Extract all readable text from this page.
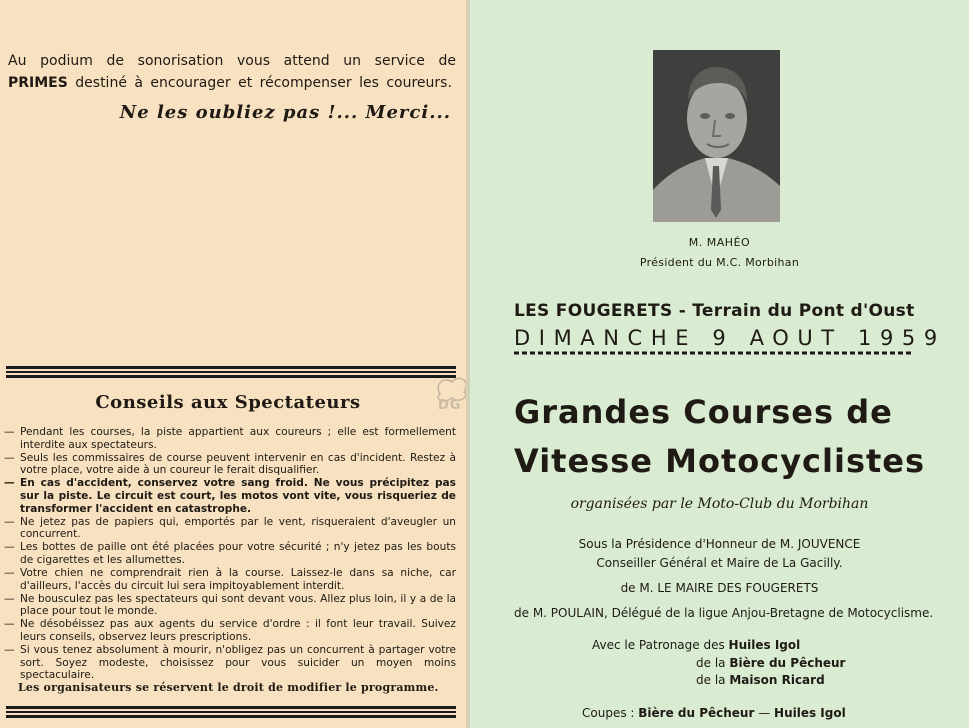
Au podium de sonorisation vous attend un service de PRIMES destiné à encourager et récompenser les coureurs.
Ne les oubliez pas !... Merci...
DG
Conseils aux Spectateurs
— Pendant les courses, la piste appartient aux coureurs ; elle est formellement interdite aux spectateurs.
— Seuls les commissaires de course peuvent intervenir en cas d'incident. Restez à votre place, votre aide à un coureur le ferait disqualifier.
— En cas d'accident, conservez votre sang froid. Ne vous précipitez pas sur la piste. Le circuit est court, les motos vont vite, vous risqueriez de transformer l'accident en catastrophe.
— Ne jetez pas de papiers qui, emportés par le vent, risqueraient d'aveugler un concurrent.
— Les bottes de paille ont été placées pour votre sécurité ; n'y jetez pas les bouts de cigarettes et les allumettes.
— Votre chien ne comprendrait rien à la course. Laissez-le dans sa niche, car d'ailleurs, l'accès du circuit lui sera impitoyablement interdit.
— Ne bousculez pas les spectateurs qui sont devant vous. Allez plus loin, il y a de la place pour tout le monde.
— Ne désobéissez pas aux agents du service d'ordre : il font leur travail. Suivez leurs conseils, observez leurs prescriptions.
— Si vous tenez absolument à mourir, n'obligez pas un concurrent à partager votre sort. Soyez modeste, choisissez pour vous suicider un moyen moins spectaculaire.
Les organisateurs se réservent le droit de modifier le programme.
M. MAHÉO
Président du M.C. Morbihan
LES FOUGERETS - Terrain du Pont d'Oust
DIMANCHE 9 AOUT 1959
Grandes Courses de
Vitesse Motocyclistes
organisées par le Moto-Club du Morbihan
Sous la Présidence d'Honneur de M. JOUVENCE
Conseiller Général et Maire de La Gacilly.
de M. LE MAIRE DES FOUGERETS
de M. POULAIN, Délégué de la ligue Anjou-Bretagne de Motocyclisme.
Avec le Patronage des Huiles Igol
de la Bière du Pêcheur
de la Maison Ricard
Coupes : Bière du Pêcheur — Huiles Igol
